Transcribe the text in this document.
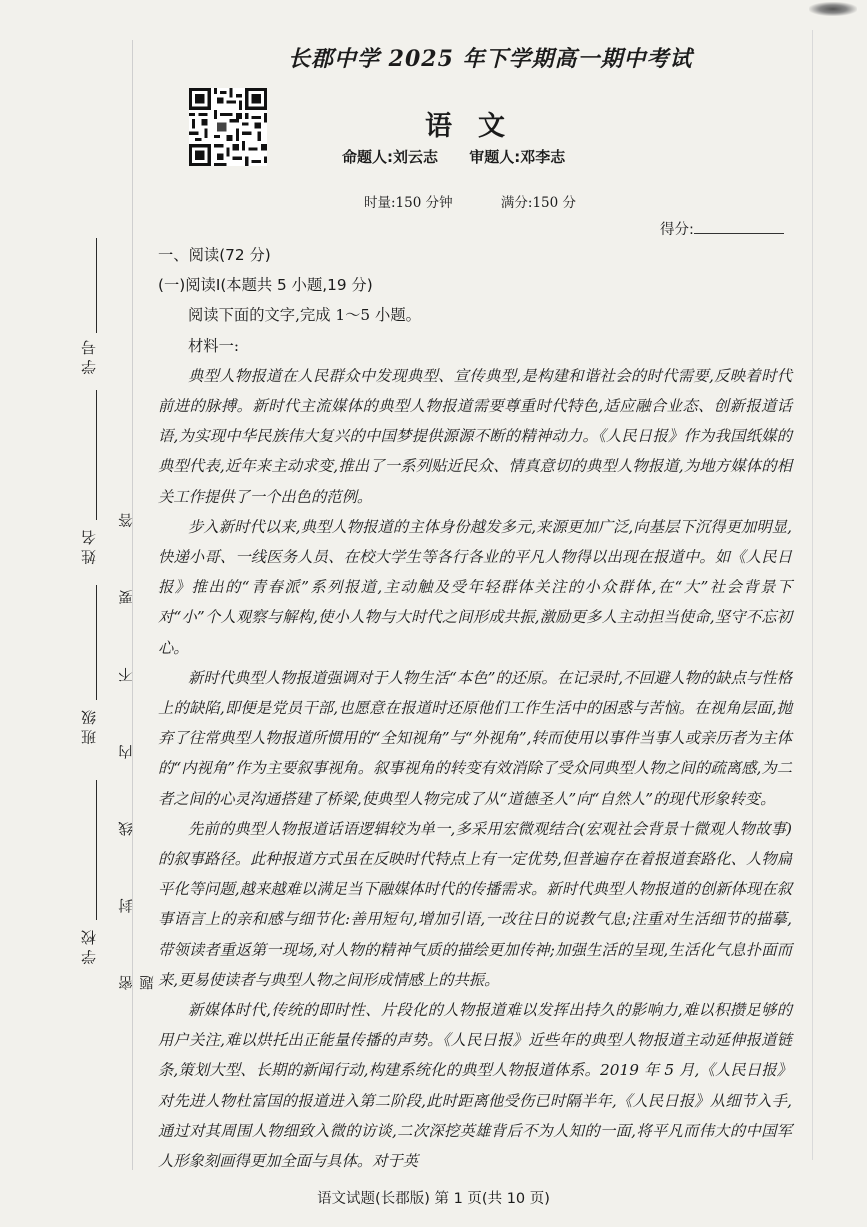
长郡中学 2025 年下学期高一期中考试
语文
命题人:刘云志 审题人:邓李志
时量:150 分钟	满分:150 分
得分:
学 校
班 级
姓 名
学 号
密 封 线 内 不 要 答 题

一、阅读(72 分)

(一)阅读Ⅰ(本题共 5 小题,19 分)

阅读下面的文字,完成 1～5 小题。

材料一:

典型人物报道在人民群众中发现典型、宣传典型,是构建和谐社会的时代需要,反映着时代前进的脉搏。新时代主流媒体的典型人物报道需要尊重时代特色,适应融合业态、创新报道话语,为实现中华民族伟大复兴的中国梦提供源源不断的精神动力。《人民日报》作为我国纸媒的典型代表,近年来主动求变,推出了一系列贴近民众、情真意切的典型人物报道,为地方媒体的相关工作提供了一个出色的范例。

步入新时代以来,典型人物报道的主体身份越发多元,来源更加广泛,向基层下沉得更加明显,快递小哥、一线医务人员、在校大学生等各行各业的平凡人物得以出现在报道中。如《人民日报》推出的“青春派”系列报道,主动触及受年轻群体关注的小众群体,在“大”社会背景下对“小”个人观察与解构,使小人物与大时代之间形成共振,激励更多人主动担当使命,坚守不忘初心。

新时代典型人物报道强调对于人物生活“本色”的还原。在记录时,不回避人物的缺点与性格上的缺陷,即便是党员干部,也愿意在报道时还原他们工作生活中的困惑与苦恼。在视角层面,抛弃了往常典型人物报道所惯用的“全知视角”与“外视角”,转而使用以事件当事人或亲历者为主体的“内视角”作为主要叙事视角。叙事视角的转变有效消除了受众同典型人物之间的疏离感,为二者之间的心灵沟通搭建了桥梁,使典型人物完成了从“道德圣人”向“自然人”的现代形象转变。

先前的典型人物报道话语逻辑较为单一,多采用宏微观结合(宏观社会背景十微观人物故事)的叙事路径。此种报道方式虽在反映时代特点上有一定优势,但普遍存在着报道套路化、人物扁平化等问题,越来越难以满足当下融媒体时代的传播需求。新时代典型人物报道的创新体现在叙事语言上的亲和感与细节化:善用短句,增加引语,一改往日的说教气息;注重对生活细节的描摹,带领读者重返第一现场,对人物的精神气质的描绘更加传神;加强生活的呈现,生活化气息扑面而来,更易使读者与典型人物之间形成情感上的共振。

新媒体时代,传统的即时性、片段化的人物报道难以发挥出持久的影响力,难以积攒足够的用户关注,难以烘托出正能量传播的声势。《人民日报》近些年的典型人物报道主动延伸报道链条,策划大型、长期的新闻行动,构建系统化的典型人物报道体系。2019 年 5 月,《人民日报》对先进人物杜富国的报道进入第二阶段,此时距离他受伤已时隔半年,《人民日报》从细节入手,通过对其周围人物细致入微的访谈,二次深挖英雄背后不为人知的一面,将平凡而伟大的中国军人形象刻画得更加全面与具体。对于英

语文试题(长郡版) 第 1 页(共 10 页)
